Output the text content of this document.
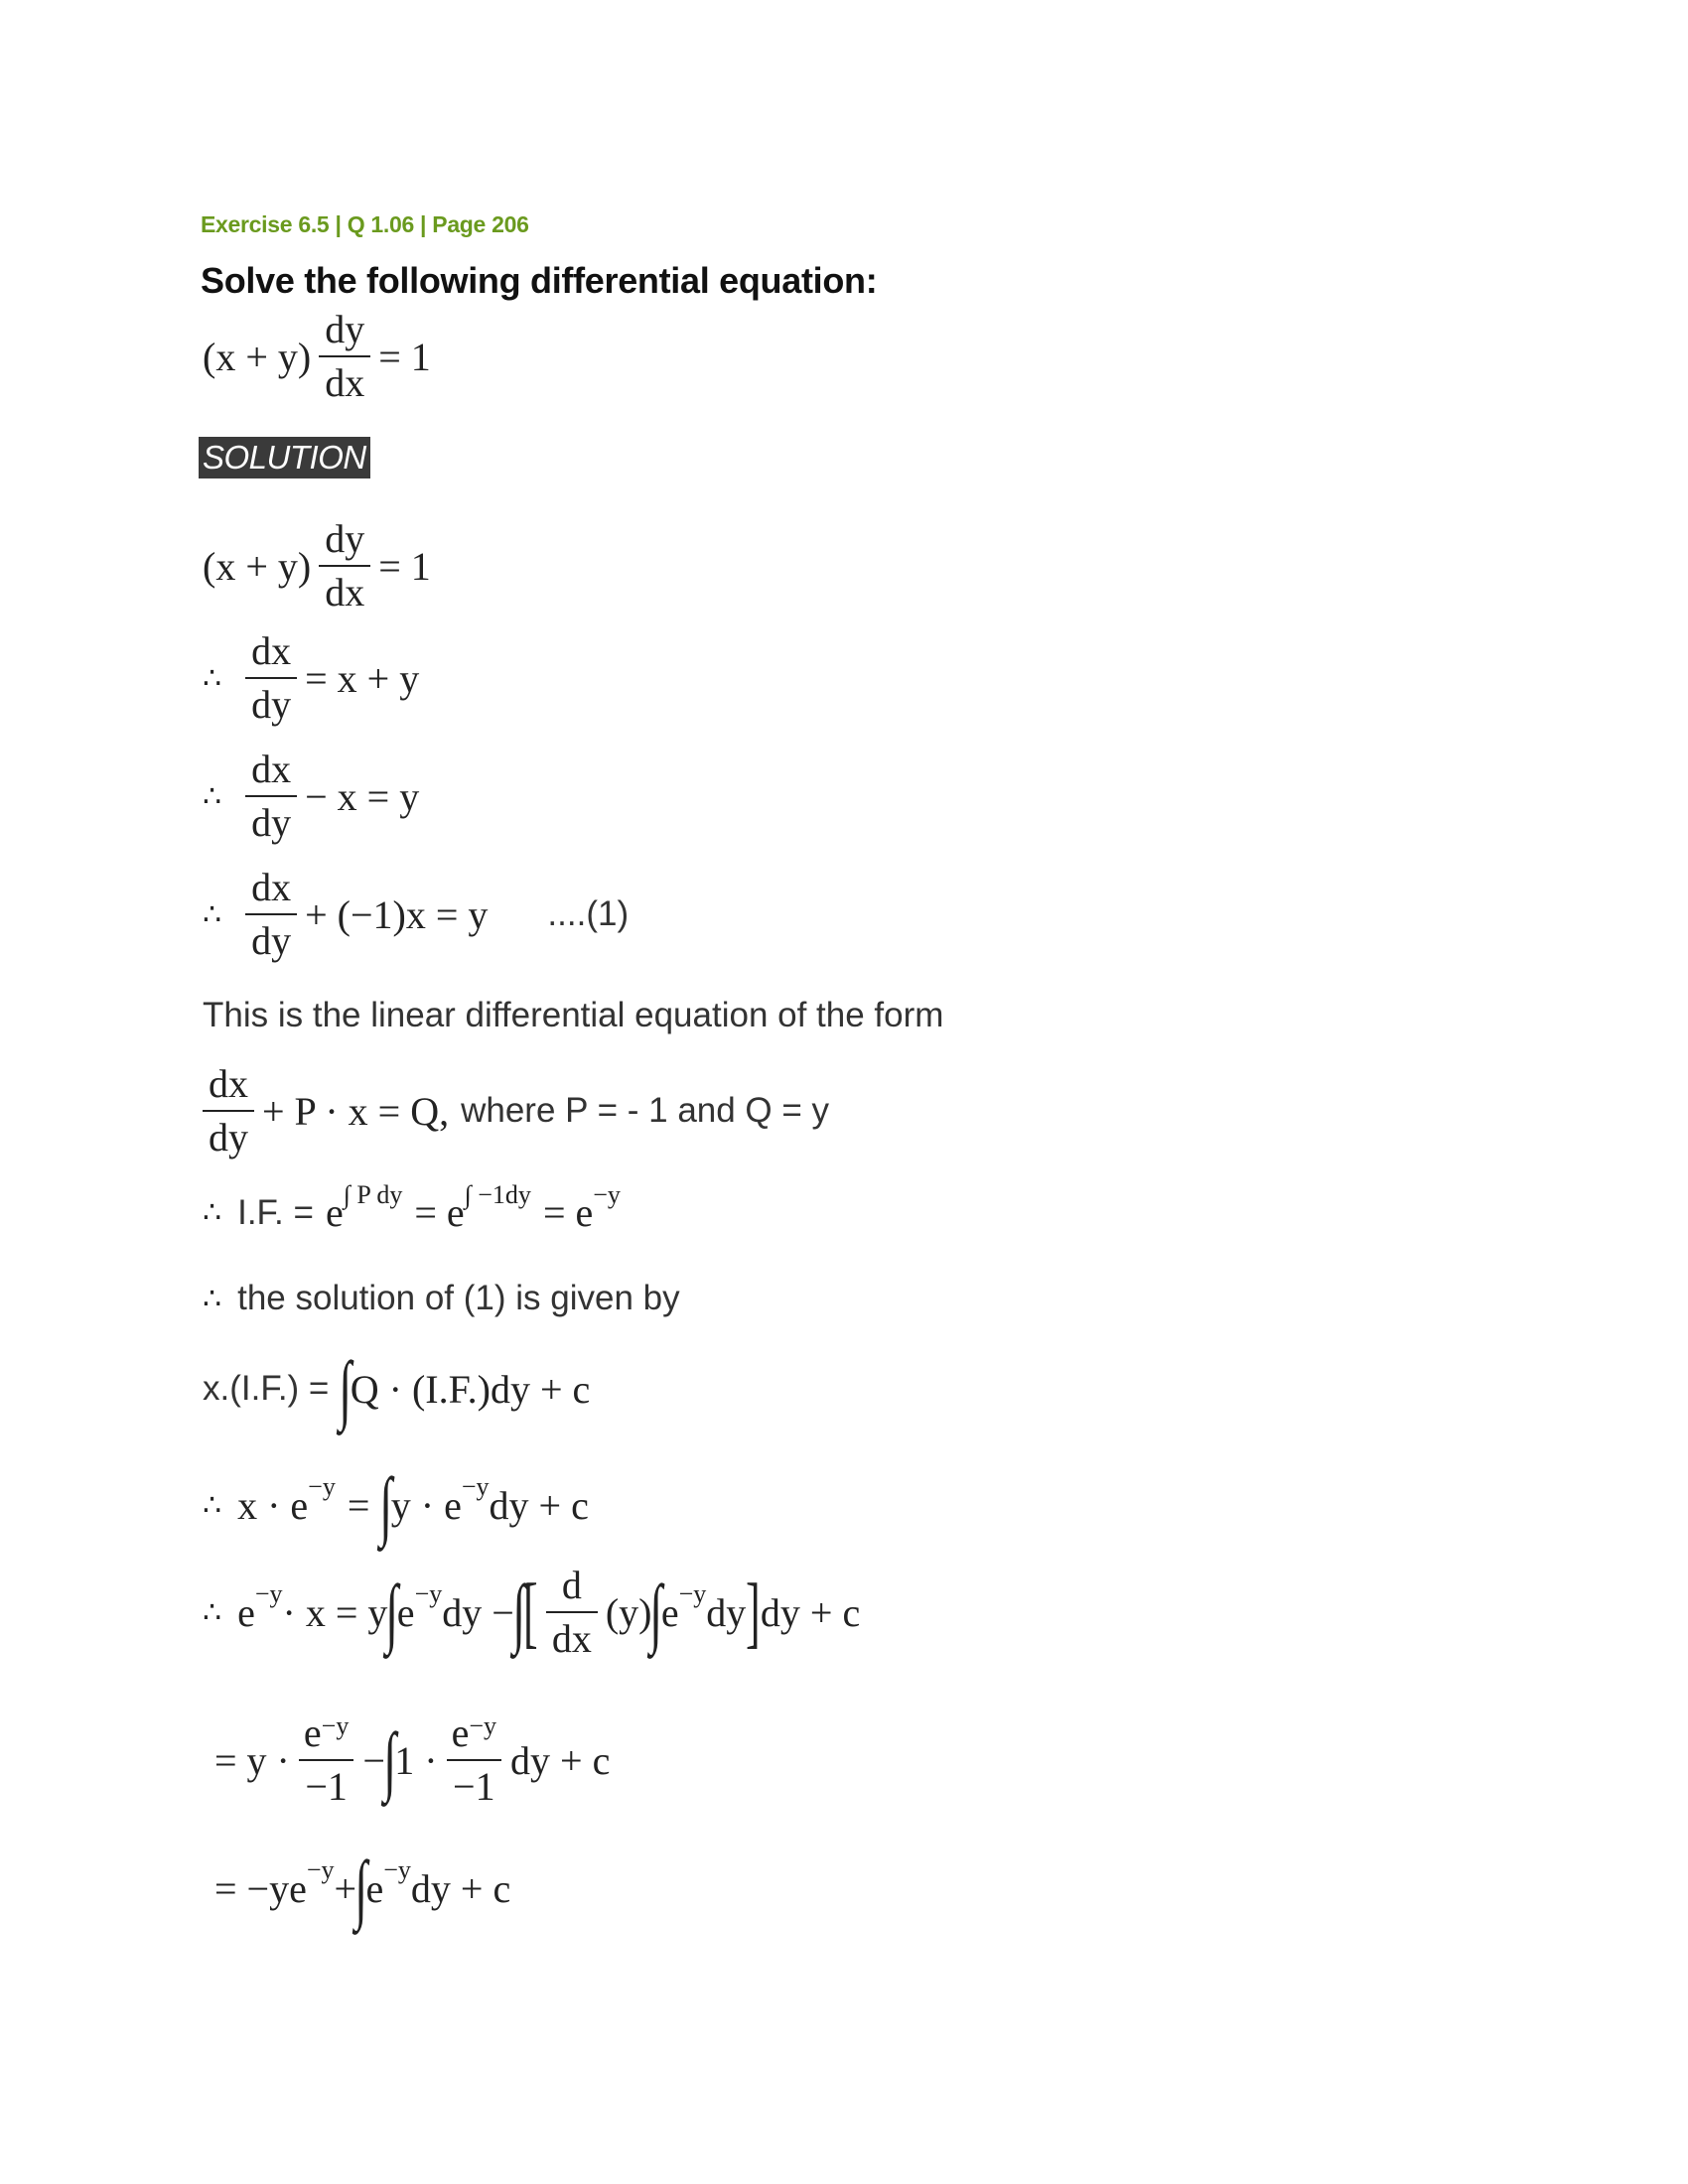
Exercise 6.5 | Q 1.06 | Page 206
Solve the following differential equation:
$(x + y) \frac{dy}{dx} = 1$
SOLUTION
$(x + y) \frac{dy}{dx} = 1$
∴ $\frac{dx}{dy} = x + y$
∴ $\frac{dx}{dy} - x = y$
∴ $\frac{dx}{dy} + (-1)x = y$ ....(1)
This is the linear differential equation of the form
$\frac{dx}{dy} + P \cdot x = Q$, where P = - 1 and Q = y
∴ I.F. = e ∫ P dy = e ∫ −1dy = e −y
∴ the solution of (1) is given by
x.(I.F.) = ∫
Q · (I.F.)dy + c
∴ x · e −y = ∫
y · e −y dy + c
∴ e −y · x = y
∫
e −y dy −
∫
[ $\frac{d}{dx} (y)$
∫
e −y dy ] dy + c
= $y \cdot \frac{e^{-y}}{-1}$ −
∫
$1 \cdot \frac{e^{-y}}{-1}$ dy + c
= −ye −y +
∫
e −y dy + c
